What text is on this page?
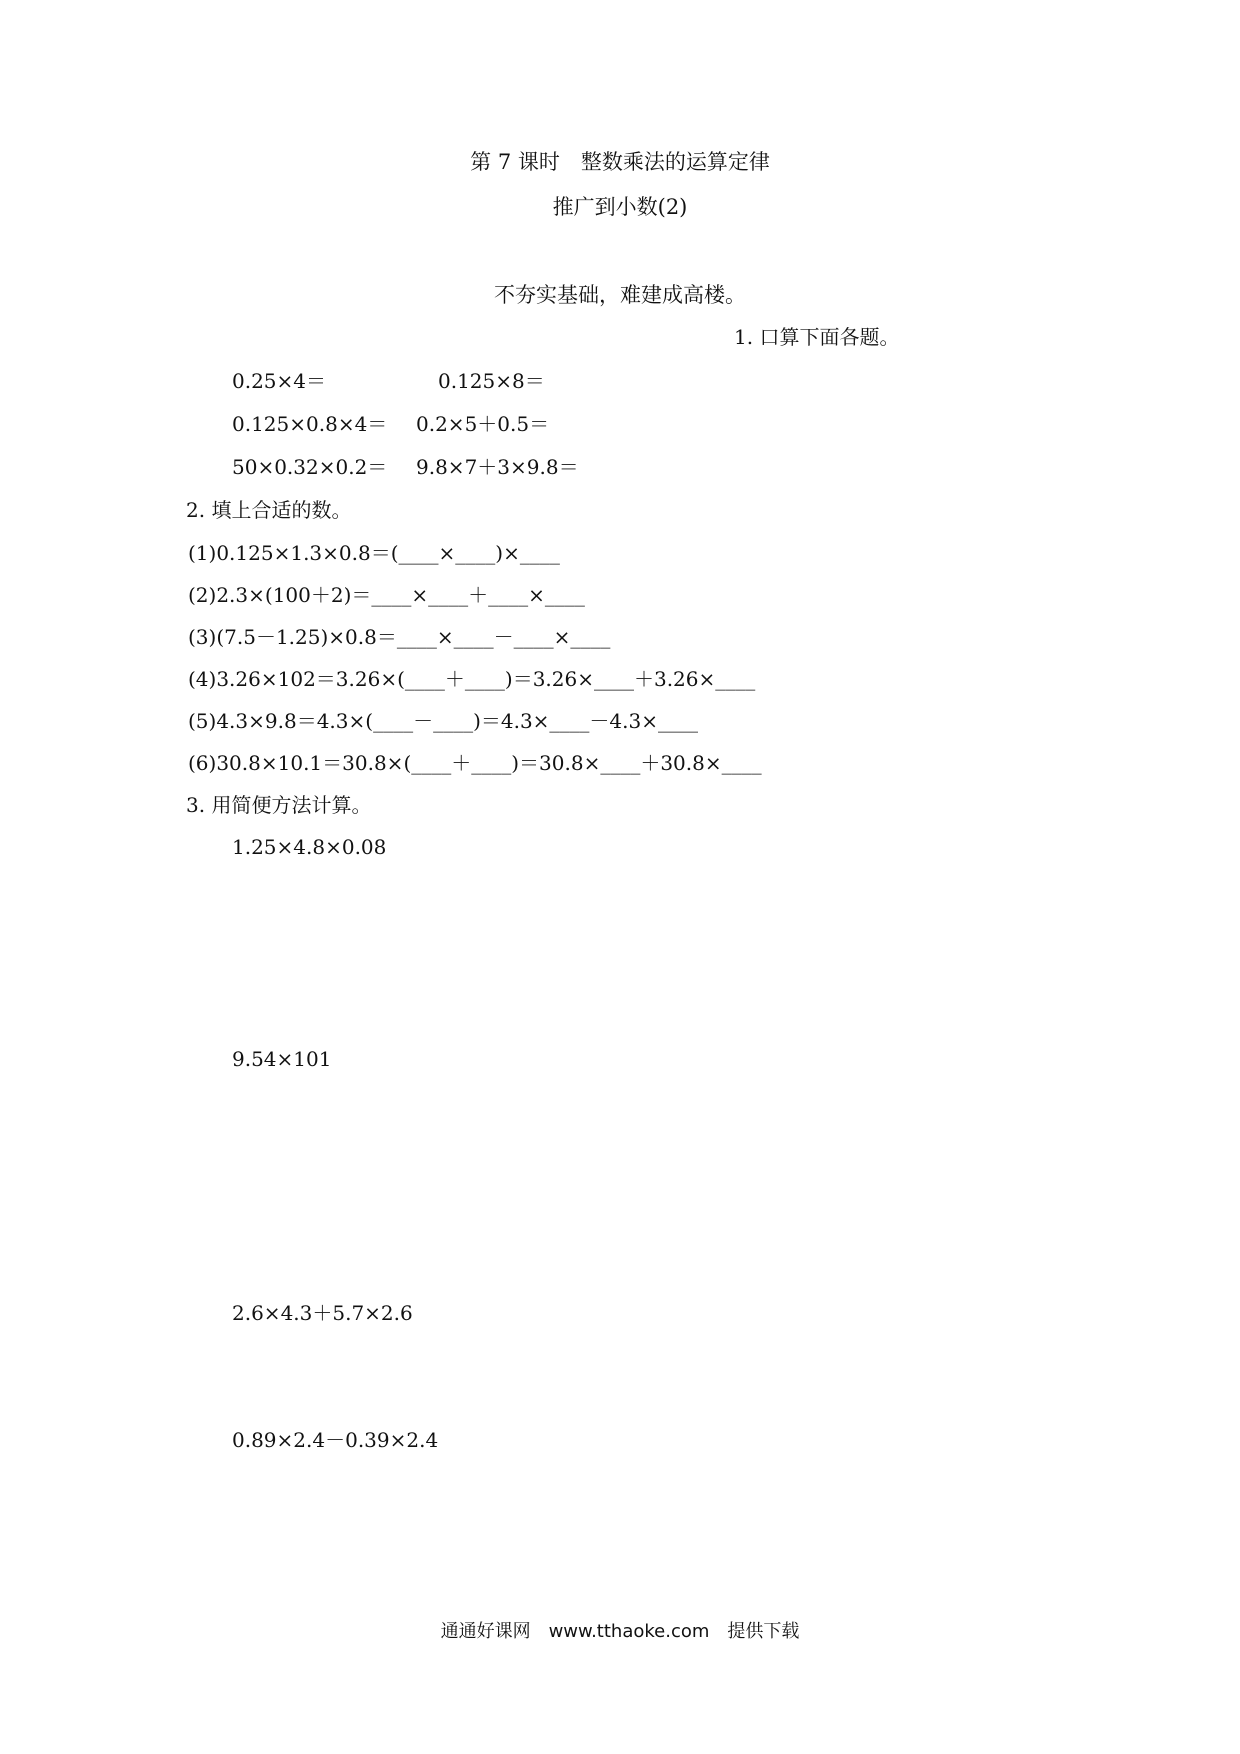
第 7 课时　整数乘法的运算定律
推广到小数(2)
不夯实基础，难建成高楼。
1. 口算下面各题。
0.25×4＝	0.125×8＝
0.125×0.8×4＝ 0.2×5＋0.5＝
50×0.32×0.2＝ 9.8×7＋3×9.8＝
2. 填上合适的数。
(1)0.125×1.3×0.8＝(____×____)×____
(2)2.3×(100＋2)＝____×____＋____×____
(3)(7.5－1.25)×0.8＝____×____－____×____
(4)3.26×102＝3.26×(____＋____)＝3.26×____＋3.26×____
(5)4.3×9.8＝4.3×(____－____)＝4.3×____－4.3×____
(6)30.8×10.1＝30.8×(____＋____)＝30.8×____＋30.8×____
3. 用简便方法计算。
1.25×4.8×0.08
9.54×101
2.6×4.3＋5.7×2.6
0.89×2.4－0.39×2.4
通通好课网　www.tthaoke.com　提供下载
